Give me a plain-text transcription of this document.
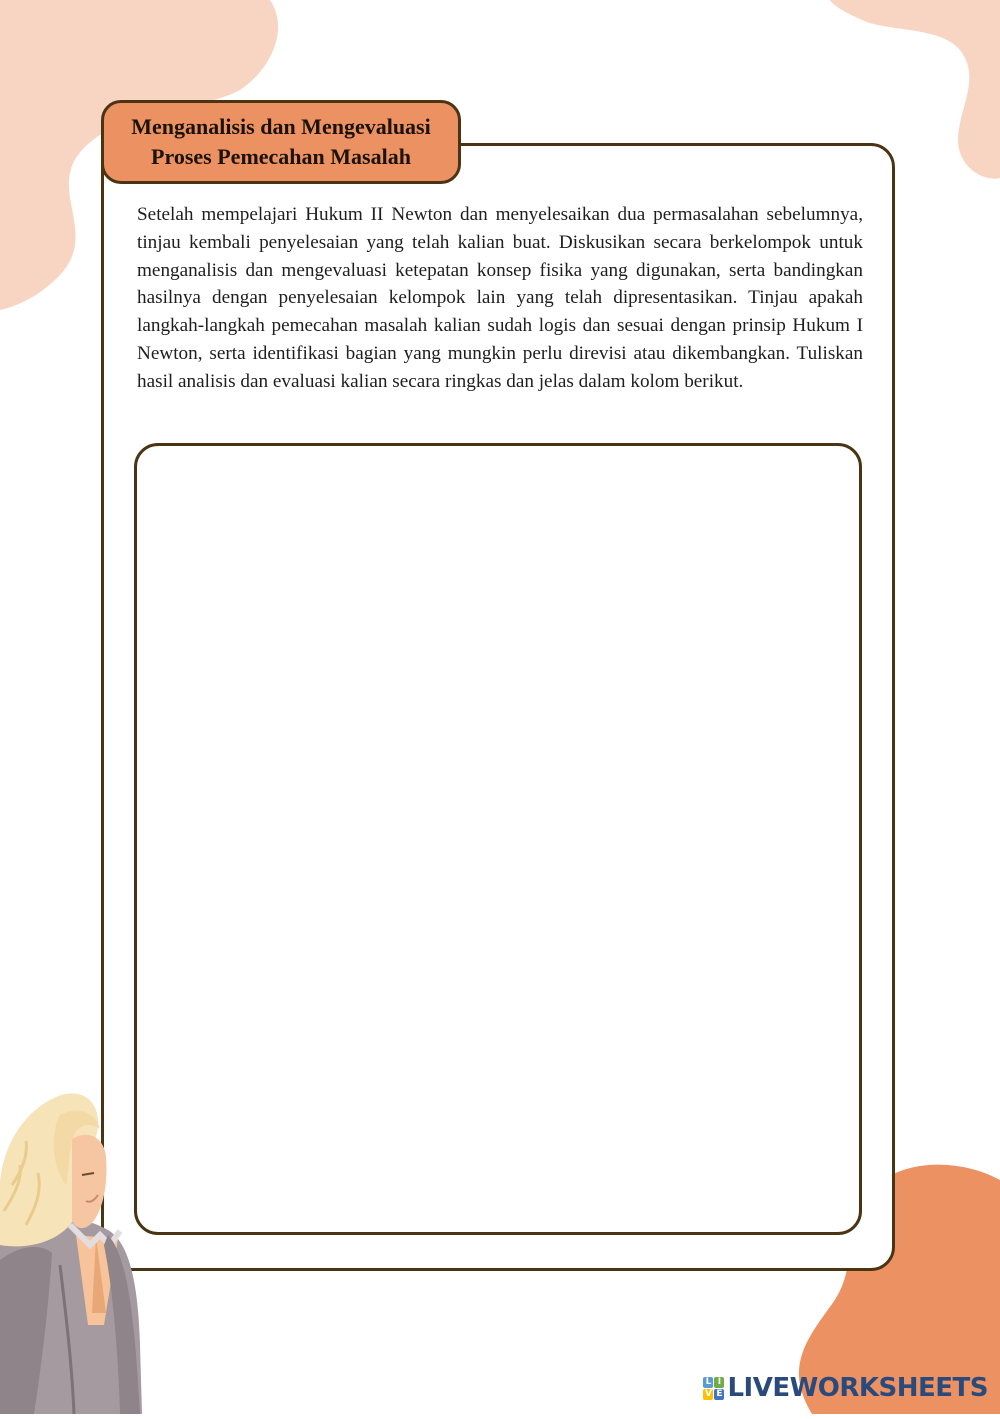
Menganalisis dan Mengevaluasi
Proses Pemecahan Masalah

Setelah mempelajari Hukum II Newton dan menyelesaikan dua permasalahan sebelumnya, tinjau kembali penyelesaian yang telah kalian buat. Diskusikan secara berkelompok untuk menganalisis dan mengevaluasi ketepatan konsep fisika yang digunakan, serta bandingkan hasilnya dengan penyelesaian kelompok lain yang telah dipresentasikan. Tinjau apakah langkah-langkah pemecahan masalah kalian sudah logis dan sesuai dengan prinsip Hukum I Newton, serta identifikasi bagian yang mungkin perlu direvisi atau dikembangkan. Tuliskan hasil analisis dan evaluasi kalian secara ringkas dan jelas dalam kolom berikut.

L I
V E LIVEWORKSHEETS
